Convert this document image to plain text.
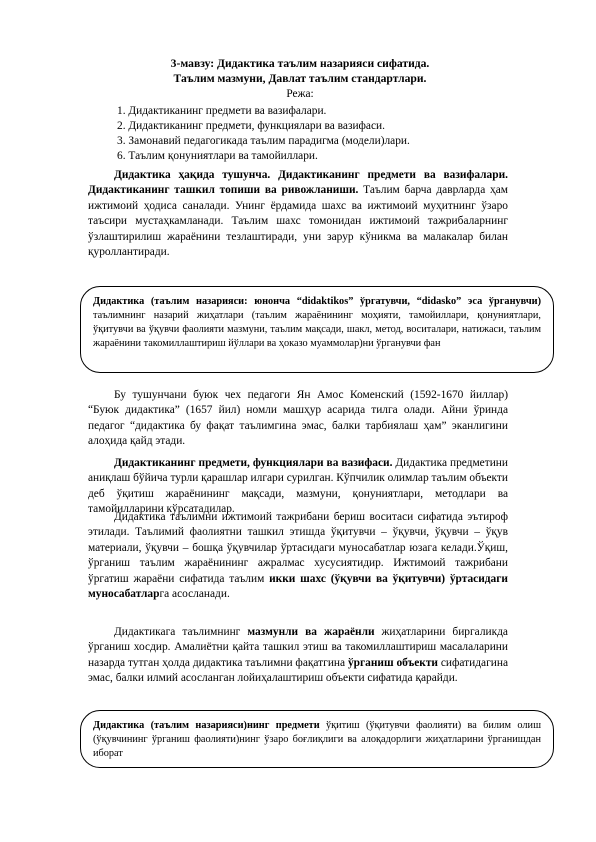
3-мавзу: Дидактика таълим назарияси сифатида.
Таълим мазмуни, Давлат таълим стандартлари.
Режа:
1. Дидактиканинг предмети ва вазифалари.
2. Дидактиканинг предмети, функциялари ва вазифаси.
3. Замонавий педагогикада таълим парадигма (модели)лари.
6. Таълим қонуниятлари ва тамойиллари.

Дидактика ҳақида тушунча. Дидактиканинг предмети ва вазифалари. Дидактиканинг ташкил топиши ва ривожланиши. Таълим барча даврларда ҳам ижтимоий ҳодиса саналади. Унинг ёрдамида шахс ва ижтимоий муҳитнинг ўзаро таъсири мустаҳкамланади. Таълим шахс томонидан ижтимоий тажрибаларнинг ўзлаштирилиш жараёнини тезлаштиради, уни зарур кўникма ва малакалар билан қуроллантиради.

Дидактика (таълим назарияси: юнонча “didaktikos” ўргатувчи, “didasko” эса ўрганувчи) таълимнинг назарий жиҳатлари (таълим жараёнининг моҳияти, тамойиллари, қонуниятлари, ўқитувчи ва ўқувчи фаолияти мазмуни, таълим мақсади, шакл, метод, воситалари, натижаси, таълим жараёнини такомиллаштириш йўллари ва ҳоказо муаммолар)ни ўрганувчи фан

Бу тушунчани буюк чех педагоги Ян Амос Коменский (1592-1670 йиллар) “Буюк дидактика” (1657 йил) номли машҳур асарида тилга олади. Айни ўринда педагог “дидактика бу фақат таълимгина эмас, балки тарбиялаш ҳам” эканлигини алоҳида қайд этади.

Дидактиканинг предмети, функциялари ва вазифаси. Дидактика предметини аниқлаш бўйича турли қарашлар илгари сурилган. Кўпчилик олимлар таълим объекти деб ўқитиш жараёнининг мақсади, мазмуни, қонуниятлари, методлари ва тамойилларини кўрсатадилар.

Дидактика таълимни ижтимоий тажрибани бериш воситаси сифатида эътироф этилади. Таълимий фаолиятни ташкил этишда ўқитувчи – ўқувчи, ўқувчи – ўқув материали, ўқувчи – бошқа ўқувчилар ўртасидаги муносабатлар юзага келади.Ўқиш, ўрганиш таълим жараёнининг ажралмас хусусиятидир. Ижтимоий тажрибани ўргатиш жараёни сифатида таълим икки шахс (ўқувчи ва ўқитувчи) ўртасидаги муносабатларга асосланади.

Дидактикага таълимнинг мазмунли ва жараёнли жиҳатларини биргаликда ўрганиш хосдир. Амалиётни қайта ташкил этиш ва такомиллаштириш масалаларини назарда тутган ҳолда дидактика таълимни фақатгина ўрганиш объекти сифатидагина эмас, балки илмий асосланган лойиҳалаштириш объекти сифатида қарайди.

Дидактика (таълим назарияси)нинг предмети ўқитиш (ўқитувчи фаолияти) ва билим олиш (ўқувчининг ўрганиш фаолияти)нинг ўзаро боғлиқлиги ва алоқадорлиги жиҳатларини ўрганишдан иборат
